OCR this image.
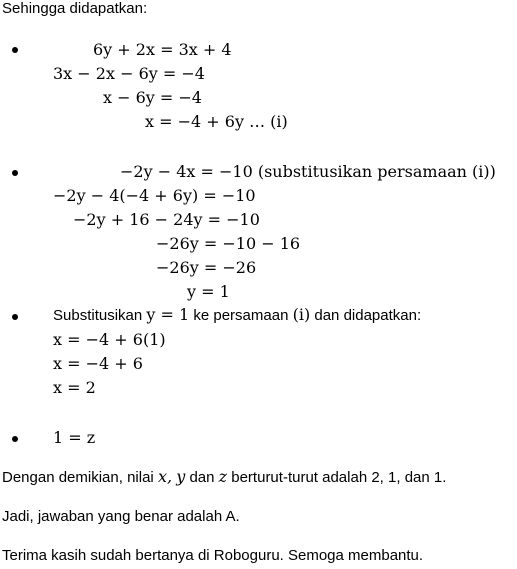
Sehingga didapatkan:
6y + 2x = 3x + 4
3x − 2x − 6y = −4
x − 6y = −4
x = −4 + 6y … (i)
−2y − 4x = −10 (substitusikan persamaan (i))
−2y − 4(−4 + 6y) = −10
−2y + 16 − 24y = −10
−26y = −10 − 16
−26y = −26
y = 1
Substitusikan y = 1 ke persamaan (i) dan didapatkan:
x = −4 + 6(1)
x = −4 + 6
x = 2
1 = z
Dengan demikian, nilai x, y dan z berturut-turut adalah 2, 1, dan 1.
Jadi, jawaban yang benar adalah A.
Terima kasih sudah bertanya di Roboguru. Semoga membantu.
